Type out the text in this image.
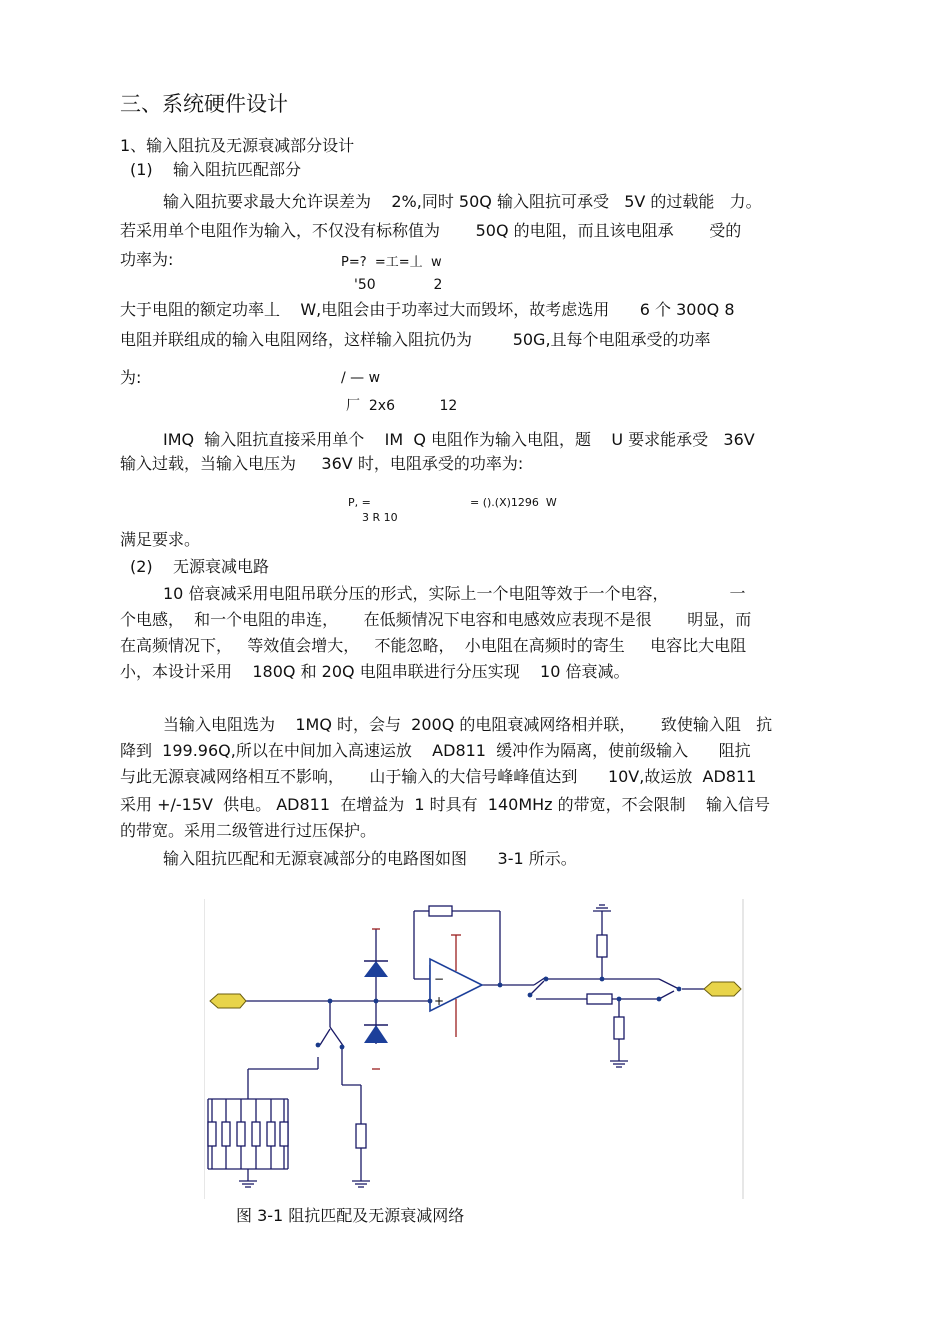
三、系统硬件设计
1、输入阻抗及无源衰减部分设计
(1)    输入阻抗匹配部分
输入阻抗要求最大允许误差为    2%,同时 50Q 输入阻抗可承受   5V 的过载能   力。
若采用单个电阻作为输入，不仅没有标称值为       50Q 的电阻，而且该电阻承       受的
功率为:	P=?  =工=丄  w
'50             2
大于电阻的额定功率丄    W,电阻会由于功率过大而毁坏，故考虑选用      6 个 300Q 8
电阻并联组成的输入电阻网络，这样输入阻抗仍为        50G,且每个电阻承受的功率
为:	/ — w
厂  2x6          12
IMQ  输入阻抗直接采用单个    IM  Q 电阻作为输入电阻，题    U 要求能承受   36V
输入过载，当输入电压为     36V 时，电阻承受的功率为:
P, =	= ().(X)1296  W
3 R 10
满足要求。
(2)    无源衰减电路
10 倍衰减采用电阻吊联分压的形式，实际上一个电阻等效于一个电容，            一
个电感，  和一个电阻的串连，     在低频情况下电容和电感效应表现不是很       明显，而
在高频情况下，   等效值会增大，   不能忽略，  小电阻在高频时的寄生     电容比大电阻
小，本设计采用    180Q 和 20Q 电阻串联进行分压实现    10 倍衰减。
当输入电阻选为    1MQ 时，会与  200Q 的电阻衰减网络相并联，     致使输入阻   抗
降到  199.96Q,所以在中间加入高速运放    AD811  缓冲作为隔离，使前级输入      阻抗
与此无源衰减网络相互不影响，     山于输入的大信号峰峰值达到      10V,故运放  AD811
采用 +/-15V  供电。 AD811  在增益为  1 时具有  140MHz 的带宽，不会限制    输入信号
的带宽。采用二级管进行过压保护。
输入阻抗匹配和无源衰减部分的电路图如图      3-1 所示。
−
+
图 3-1 阻抗匹配及无源衰减网络
